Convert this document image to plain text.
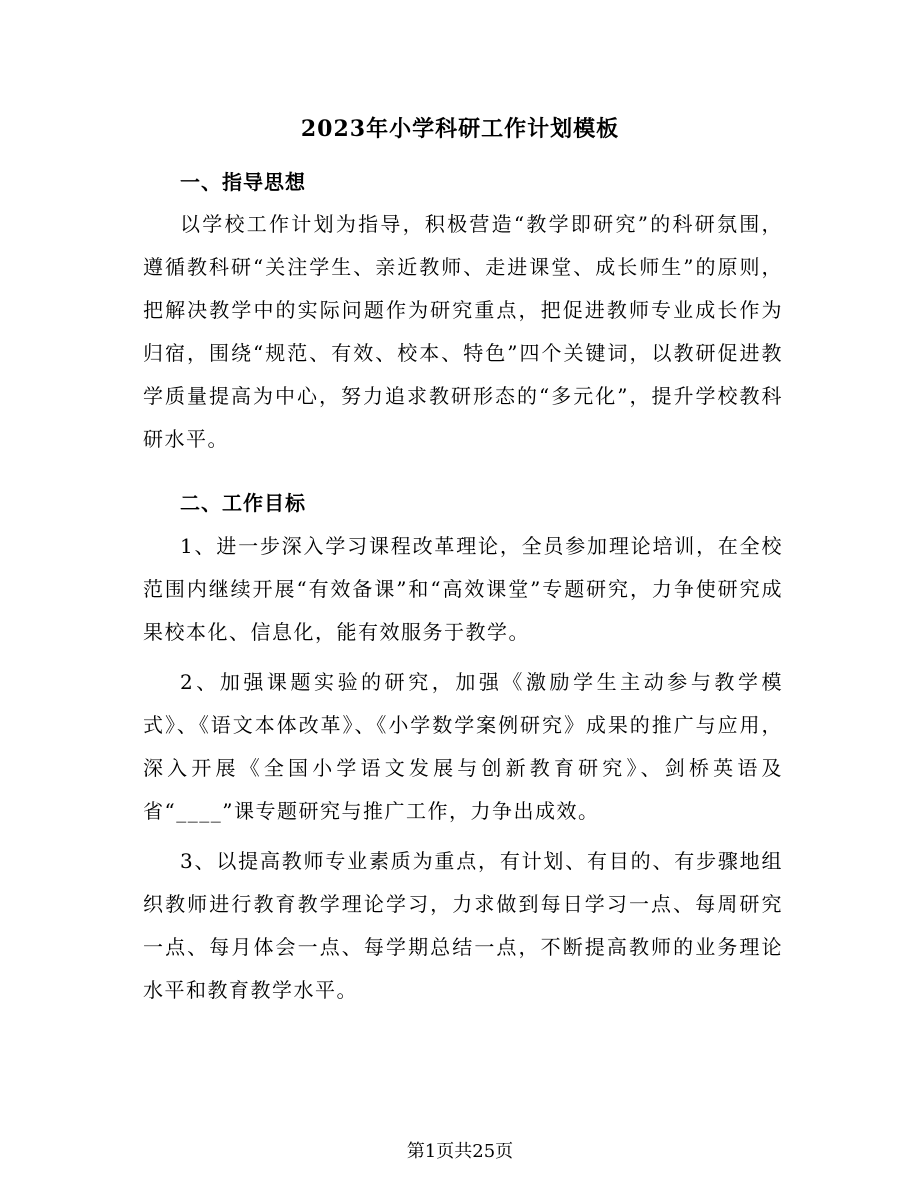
2023年小学科研工作计划模板
一、指导思想

以学校工作计划为指导，积极营造“教学即研究”的科研氛围，遵循教科研“关注学生、亲近教师、走进课堂、成长师生”的原则，把解决教学中的实际问题作为研究重点，把促进教师专业成长作为归宿，围绕“规范、有效、校本、特色”四个关键词，以教研促进教学质量提高为中心，努力追求教研形态的“多元化”，提升学校教科研水平。

二、工作目标

1、进一步深入学习课程改革理论，全员参加理论培训，在全校范围内继续开展“有效备课”和“高效课堂”专题研究，力争使研究成果校本化、信息化，能有效服务于教学。

2、加强课题实验的研究，加强《激励学生主动参与教学模式》、《语文本体改革》、《小学数学案例研究》成果的推广与应用，深入开展《全国小学语文发展与创新教育研究》、剑桥英语及省“____”课专题研究与推广工作，力争出成效。

3、以提高教师专业素质为重点，有计划、有目的、有步骤地组织教师进行教育教学理论学习，力求做到每日学习一点、每周研究一点、每月体会一点、每学期总结一点，不断提高教师的业务理论水平和教育教学水平。

第1页共25页
